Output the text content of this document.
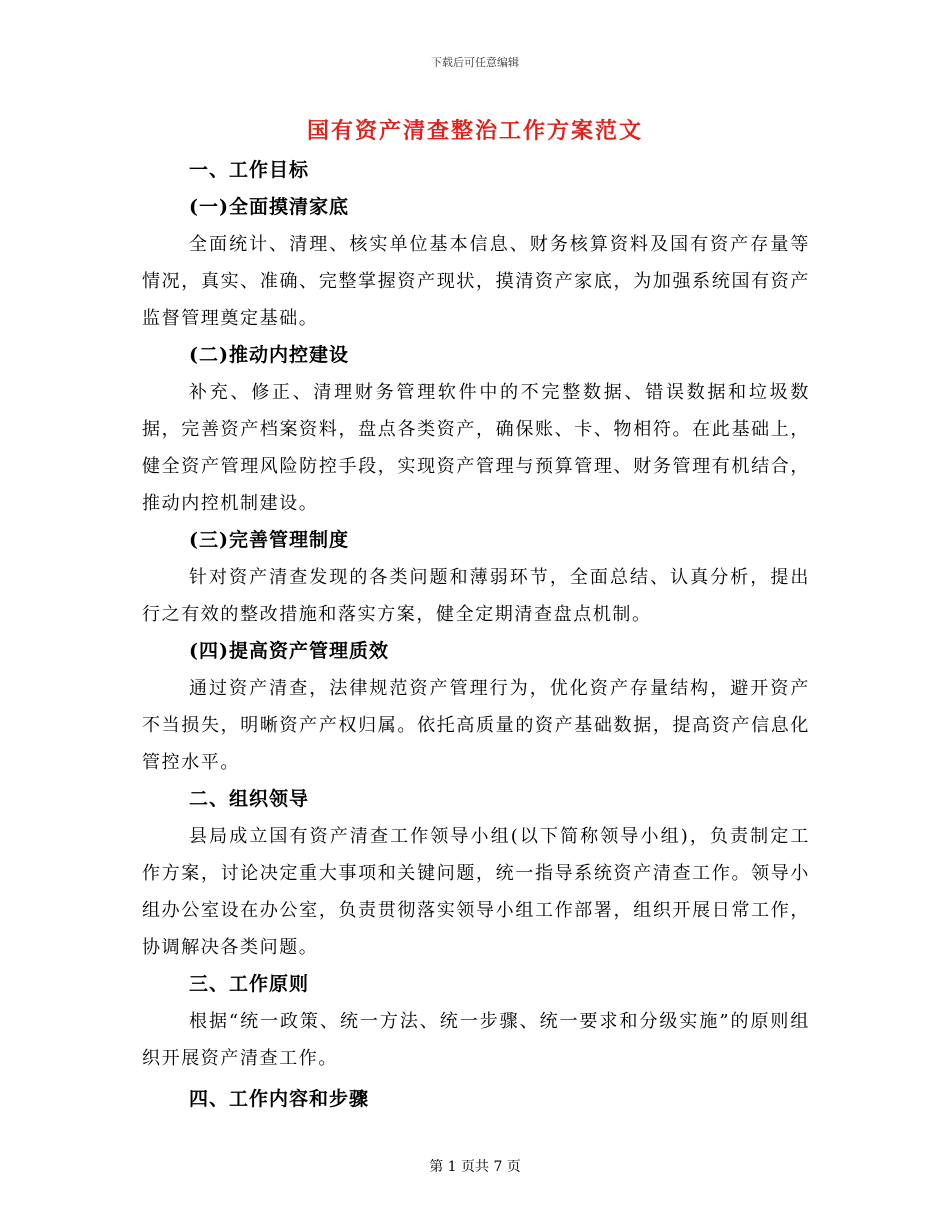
下载后可任意编辑
国有资产清查整治工作方案范文
一、工作目标
(一)全面摸清家底

全面统计、清理、核实单位基本信息、财务核算资料及国有资产存量等情况，真实、准确、完整掌握资产现状，摸清资产家底，为加强系统国有资产监督管理奠定基础。

(二)推动内控建设

补充、修正、清理财务管理软件中的不完整数据、错误数据和垃圾数据，完善资产档案资料，盘点各类资产，确保账、卡、物相符。在此基础上，健全资产管理风险防控手段，实现资产管理与预算管理、财务管理有机结合，推动内控机制建设。

(三)完善管理制度

针对资产清查发现的各类问题和薄弱环节，全面总结、认真分析，提出行之有效的整改措施和落实方案，健全定期清查盘点机制。

(四)提高资产管理质效

通过资产清查，法律规范资产管理行为，优化资产存量结构，避开资产不当损失，明晰资产产权归属。依托高质量的资产基础数据，提高资产信息化管控水平。

二、组织领导

县局成立国有资产清查工作领导小组(以下简称领导小组)，负责制定工作方案，讨论决定重大事项和关键问题，统一指导系统资产清查工作。领导小组办公室设在办公室，负责贯彻落实领导小组工作部署，组织开展日常工作，协调解决各类问题。

三、工作原则

根据“统一政策、统一方法、统一步骤、统一要求和分级实施”的原则组织开展资产清查工作。

四、工作内容和步骤
第 1 页共 7 页
